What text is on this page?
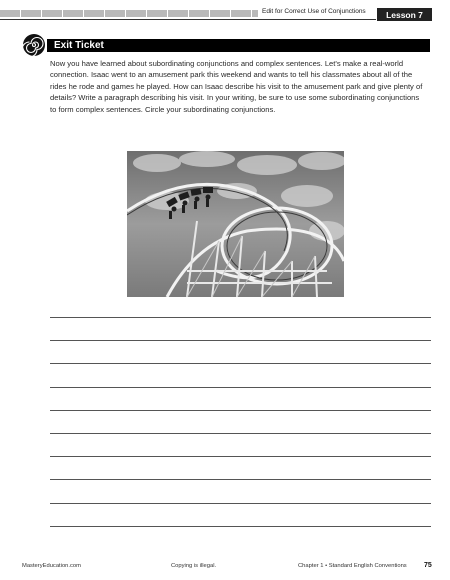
Edit for Correct Use of Conjunctions	Lesson 7
Exit Ticket

Now you have learned about subordinating conjunctions and complex sentences. Let's make a real-world connection. Isaac went to an amusement park this weekend and wants to tell his classmates about all of the rides he rode and games he played. How can Isaac describe his visit to the amusement park and give plenty of details? Write a paragraph describing his visit. In your writing, be sure to use some subordinating conjunctions to form complex sentences. Circle your subordinating conjunctions.

MasteryEducation.com	Copying is illegal.	Chapter 1 • Standard English Conventions 75
